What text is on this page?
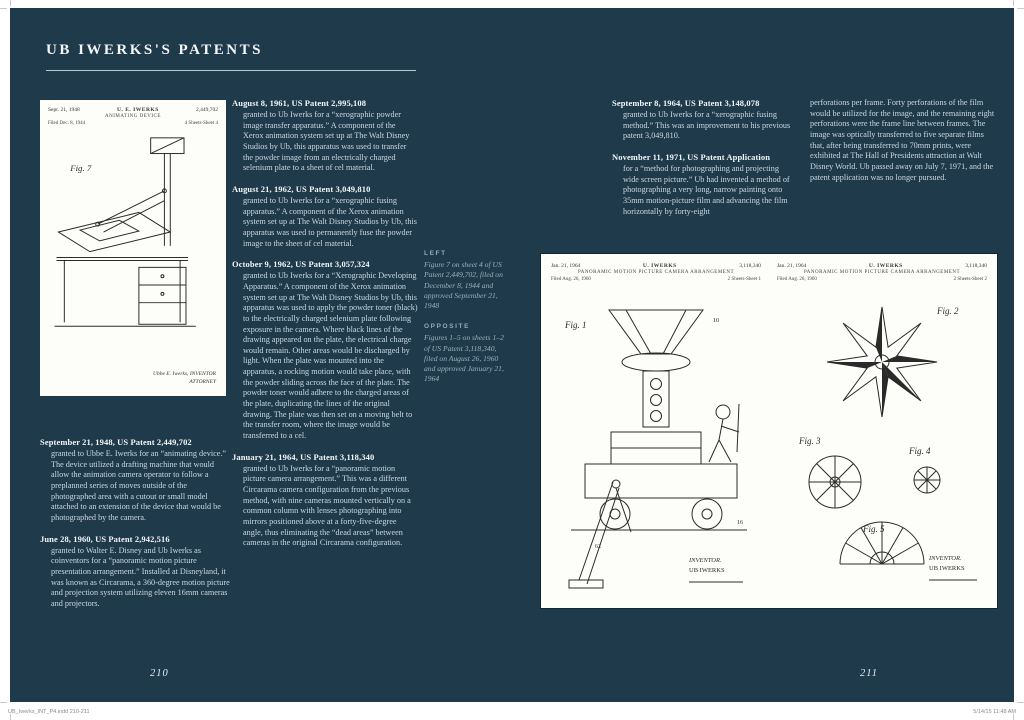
UB IWERKS'S PATENTS
Sept. 21, 1948	U. E. IWERKS	2,449,702
ANIMATING DEVICE
Filed Dec. 8, 1944	4 Sheets-Sheet 4
Fig. 7
Ubbe E. Iwerks, INVENTOR
ATTORNEY
September 21, 1948, US Patent 2,449,702

granted to Ubbe E. Iwerks for an “animating device.” The device utilized a drafting machine that would allow the animation camera operator to follow a preplanned series of moves outside of the photographed area with a cutout or small model attached to an extension of the device that would be photographed by the camera.

June 28, 1960, US Patent 2,942,516

granted to Walter E. Disney and Ub Iwerks as coinventors for a “panoramic motion picture presentation arrangement.” Installed at Disneyland, it was known as Circarama, a 360-degree motion picture and projection system utilizing eleven 16mm cameras and projectors.

August 8, 1961, US Patent 2,995,108

granted to Ub Iwerks for a “xerographic powder image transfer apparatus.” A component of the Xerox animation system set up at The Walt Disney Studios by Ub, this apparatus was used to transfer the powder image from an electrically charged selenium plate to a sheet of cel material.

August 21, 1962, US Patent 3,049,810

granted to Ub Iwerks for a “xerographic fusing apparatus.” A component of the Xerox animation system set up at The Walt Disney Studios by Ub, this apparatus was used to permanently fuse the powder image to the sheet of cel material.

October 9, 1962, US Patent 3,057,324

granted to Ub Iwerks for a “Xerographic Developing Apparatus.” A component of the Xerox animation system set up at The Walt Disney Studios by Ub, this apparatus was used to apply the powder toner (black) to the electrically charged selenium plate following exposure in the camera. Where black lines of the drawing appeared on the plate, the electrical charge would remain. Other areas would be discharged by light. When the plate was mounted into the apparatus, a rocking motion would take place, with the powder sliding across the face of the plate. The powder toner would adhere to the charged areas of the plate, duplicating the lines of the original drawing. The plate was then set on a moving belt to the transfer room, where the image would be transferred to a cel.

January 21, 1964, US Patent 3,118,340

granted to Ub Iwerks for a “panoramic motion picture camera arrangement.” This was a different Circarama camera configuration from the previous method, with nine cameras mounted vertically on a common column with lenses photographing into mirrors positioned above at a forty-five-degree angle, thus eliminating the “dead areas” between cameras in the original Circarama configuration.

LEFT
Figure 7 on sheet 4 of US Patent 2,449,702, filed on December 8, 1944 and approved September 21, 1948
OPPOSITE
Figures 1–5 on sheets 1–2 of US Patent 3,118,340, filed on August 26, 1960 and approved January 21, 1964
September 8, 1964, US Patent 3,148,078

granted to Ub Iwerks for a “xerographic fusing method.” This was an improvement to his previous patent 3,049,810.

November 11, 1971, US Patent Application

for a “method for photographing and projecting wide screen picture.” Ub had invented a method of photographing a very long, narrow painting onto 35mm motion-picture film and advancing the film horizontally by forty-eight

perforations per frame. Forty perforations of the film would be utilized for the image, and the remaining eight perforations were the frame line between frames. The image was optically transferred to five separate films that, after being transferred to 70mm prints, were exhibited at The Hall of Presidents attraction at Walt Disney World. Ub passed away on July 7, 1971, and the patent application was no longer pursued.

Jan. 21, 1964	U. IWERKS	3,118,340
PANORAMIC MOTION PICTURE CAMERA ARRANGEMENT
Filed Aug. 26, 1960	2 Sheets-Sheet 1
Fig. 1	10
16
62
INVENTOR.
UB IWERKS
Jan. 21, 1964	U. IWERKS	3,118,340
PANORAMIC MOTION PICTURE CAMERA ARRANGEMENT
Filed Aug. 26, 1960	2 Sheets-Sheet 2
Fig. 2
Fig. 3
Fig. 4
Fig. 5
INVENTOR.
UB IWERKS
210	211
UB_Iwerks_INT_P4.indd 210-211	5/14/15 11:48 AM
